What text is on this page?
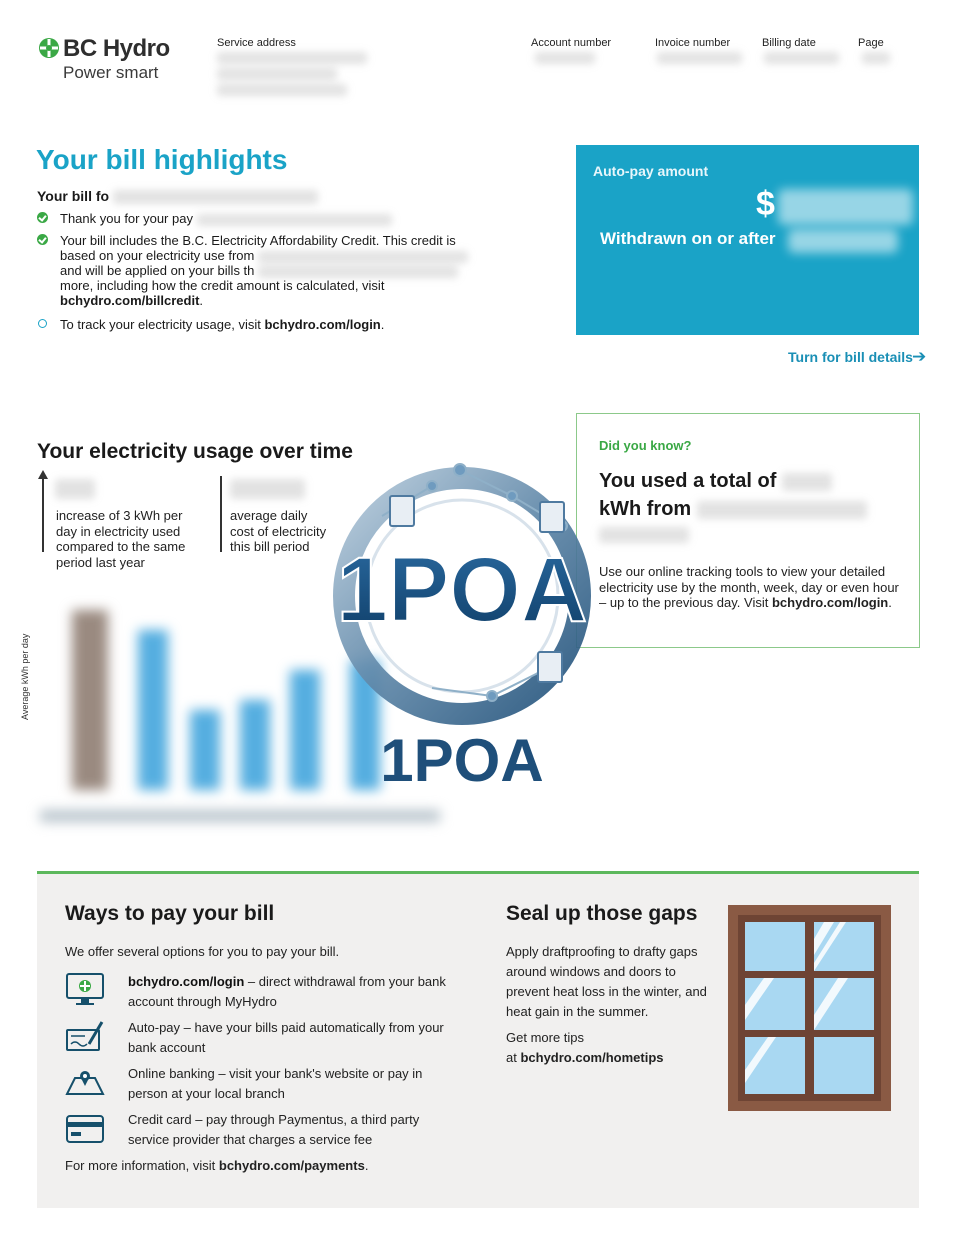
BC Hydro
Power smart
Service address	Account number	Invoice number	Billing date	Page
Your bill highlights
Your bill fo
Thank you for your pay
Your bill includes the B.C. Electricity Affordability Credit. This credit is
based on your electricity use from
and will be applied on your bills th
more, including how the credit amount is calculated, visit
bchydro.com/billcredit.
To track your electricity usage, visit bchydro.com/login.
Auto-pay amount
$
Withdrawn on or after
Turn for bill details ➔
Your electricity usage over time
increase of 3 kWh per
day in electricity used
compared to the same
period last year
average daily
cost of electricity
this bill period
Average kWh per day
Did you know?
You used a total of
kWh from
Use our online tracking tools to view your detailed electricity use by the month, week, day or even hour – up to the previous day. Visit bchydro.com/login.
1POA
1POA
Ways to pay your bill
We offer several options for you to pay your bill.
bchydro.com/login – direct withdrawal from your bank account through MyHydro
Auto-pay – have your bills paid automatically from your bank account
Online banking – visit your bank's website or pay in person at your local branch
Credit card – pay through Paymentus, a third party service provider that charges a service fee
For more information, visit bchydro.com/payments.
Seal up those gaps
Apply draftproofing to drafty gaps around windows and doors to prevent heat loss in the winter, and heat gain in the summer.
Get more tips
at bchydro.com/hometips
